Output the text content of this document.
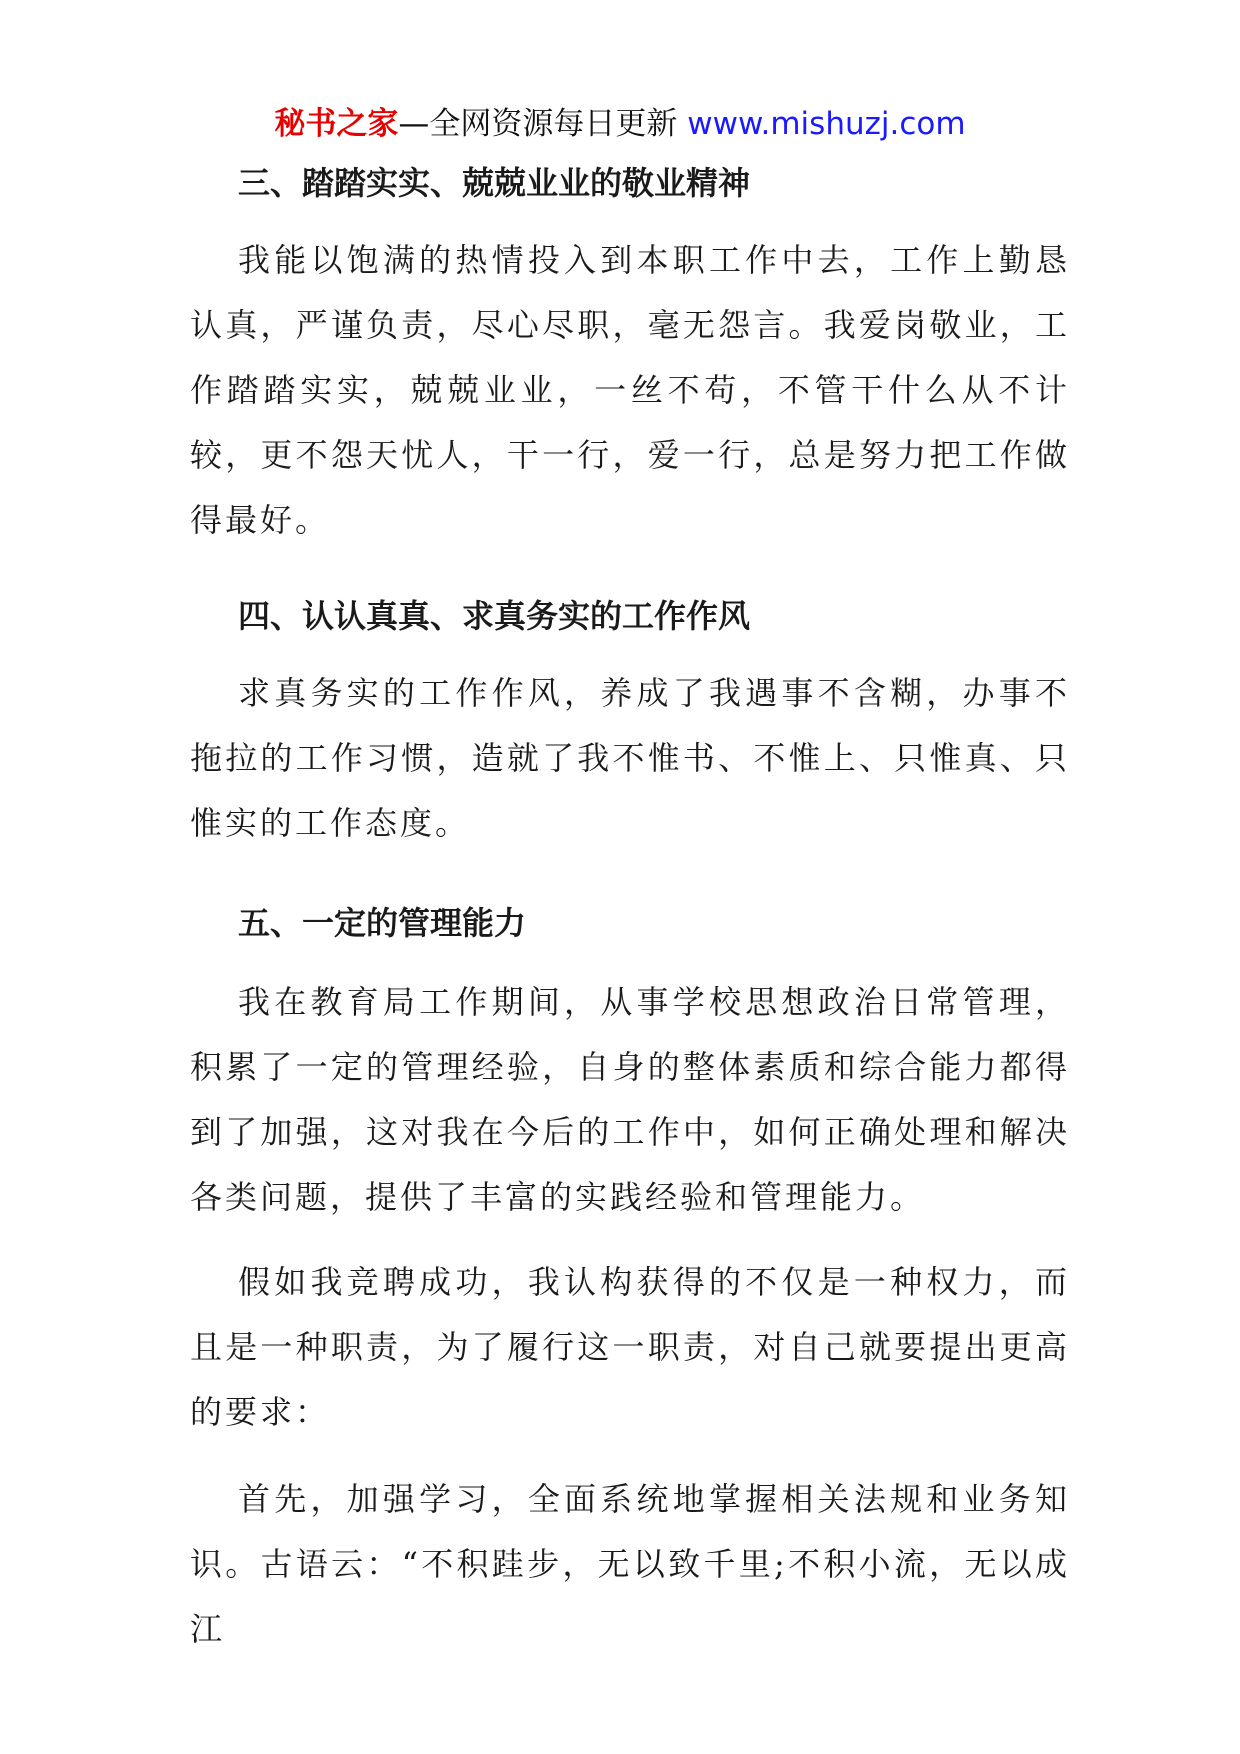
秘书之家—全网资源每日更新 www.mishuzj.com
三、踏踏实实、兢兢业业的敬业精神

我能以饱满的热情投入到本职工作中去，工作上勤恳认真，严谨负责，尽心尽职，毫无怨言。我爱岗敬业，工作踏踏实实，兢兢业业，一丝不苟，不管干什么从不计较，更不怨天忧人，干一行，爱一行，总是努力把工作做得最好。

四、认认真真、求真务实的工作作风

求真务实的工作作风，养成了我遇事不含糊，办事不拖拉的工作习惯，造就了我不惟书、不惟上、只惟真、只惟实的工作态度。

五、一定的管理能力

我在教育局工作期间，从事学校思想政治日常管理，积累了一定的管理经验，自身的整体素质和综合能力都得到了加强，这对我在今后的工作中，如何正确处理和解决各类问题，提供了丰富的实践经验和管理能力。

假如我竞聘成功，我认构获得的不仅是一种权力，而且是一种职责，为了履行这一职责，对自己就要提出更高的要求：

首先，加强学习，全面系统地掌握相关法规和业务知识。古语云：“不积跬步，无以致千里;不积小流，无以成江
